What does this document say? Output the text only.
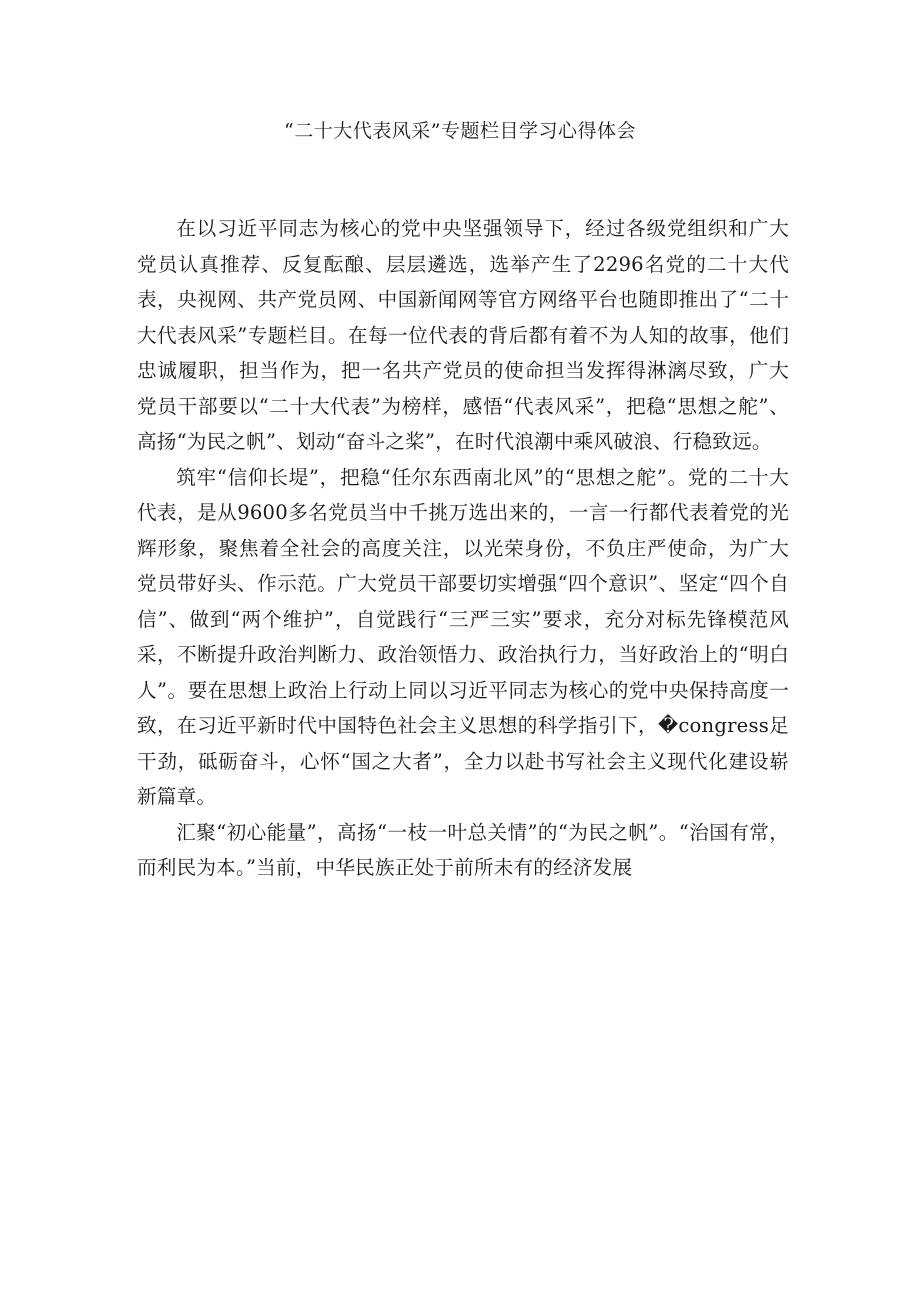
“二十大代表风采”专题栏目学习心得体会

在以习近平同志为核心的党中央坚强领导下，经过各级党组织和广大党员认真推荐、反复酝酿、层层遴选，选举产生了2296名党的二十大代表，央视网、共产党员网、中国新闻网等官方网络平台也随即推出了“二十大代表风采”专题栏目。在每一位代表的背后都有着不为人知的故事，他们忠诚履职，担当作为，把一名共产党员的使命担当发挥得淋漓尽致，广大党员干部要以“二十大代表”为榜样，感悟“代表风采”，把稳“思想之舵”、高扬“为民之帆”、划动“奋斗之桨”，在时代浪潮中乘风破浪、行稳致远。

筑牢“信仰长堤”，把稳“任尔东西南北风”的“思想之舵”。党的二十大代表，是从9600多名党员当中千挑万选出来的，一言一行都代表着党的光辉形象，聚焦着全社会的高度关注，以光荣身份，不负庄严使命，为广大党员带好头、作示范。广大党员干部要切实增强“四个意识”、坚定“四个自信”、做到“两个维护”，自觉践行“三严三实”要求，充分对标先锋模范风采，不断提升政治判断力、政治领悟力、政治执行力，当好政治上的“明白人”。要在思想上政治上行动上同以习近平同志为核心的党中央保持高度一致，在习近平新时代中国特色社会主义思想的科学指引下，�congress足干劲，砥砺奋斗，心怀“国之大者”，全力以赴书写社会主义现代化建设崭新篇章。

汇聚“初心能量”，高扬“一枝一叶总关情”的“为民之帆”。“治国有常，而利民为本。”当前，中华民族正处于前所未有的经济发展
